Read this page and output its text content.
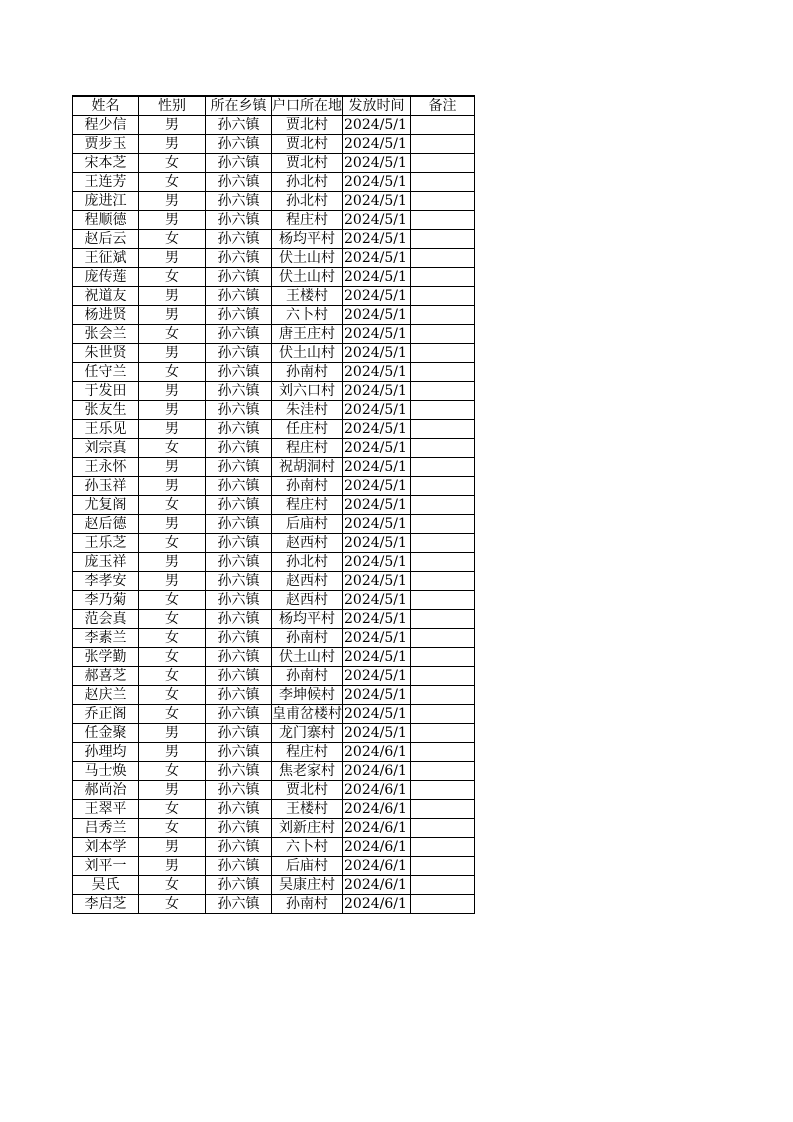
姓名	性别	所在乡镇	户口所在地	发放时间	备注
程少信	男	孙六镇	贾北村	2024/5/1	
贾步玉	男	孙六镇	贾北村	2024/5/1	
宋本芝	女	孙六镇	贾北村	2024/5/1	
王连芳	女	孙六镇	孙北村	2024/5/1	
庞进江	男	孙六镇	孙北村	2024/5/1	
程顺德	男	孙六镇	程庄村	2024/5/1	
赵后云	女	孙六镇	杨均平村	2024/5/1	
王征斌	男	孙六镇	伏土山村	2024/5/1	
庞传莲	女	孙六镇	伏土山村	2024/5/1	
祝道友	男	孙六镇	王楼村	2024/5/1	
杨进贤	男	孙六镇	六卜村	2024/5/1	
张会兰	女	孙六镇	唐王庄村	2024/5/1	
朱世贤	男	孙六镇	伏土山村	2024/5/1	
任守兰	女	孙六镇	孙南村	2024/5/1	
于发田	男	孙六镇	刘六口村	2024/5/1	
张友生	男	孙六镇	朱洼村	2024/5/1	
王乐见	男	孙六镇	任庄村	2024/5/1	
刘宗真	女	孙六镇	程庄村	2024/5/1	
王永怀	男	孙六镇	祝胡洞村	2024/5/1	
孙玉祥	男	孙六镇	孙南村	2024/5/1	
尤复阁	女	孙六镇	程庄村	2024/5/1	
赵后德	男	孙六镇	后庙村	2024/5/1	
王乐芝	女	孙六镇	赵西村	2024/5/1	
庞玉祥	男	孙六镇	孙北村	2024/5/1	
李孝安	男	孙六镇	赵西村	2024/5/1	
李乃菊	女	孙六镇	赵西村	2024/5/1	
范会真	女	孙六镇	杨均平村	2024/5/1	
李素兰	女	孙六镇	孙南村	2024/5/1	
张学勤	女	孙六镇	伏土山村	2024/5/1	
郝喜芝	女	孙六镇	孙南村	2024/5/1	
赵庆兰	女	孙六镇	李坤候村	2024/5/1	
乔正阁	女	孙六镇	皇甫岔楼村	2024/5/1	
任金聚	男	孙六镇	龙门寨村	2024/5/1	
孙理均	男	孙六镇	程庄村	2024/6/1	
马士焕	女	孙六镇	焦老家村	2024/6/1	
郝尚治	男	孙六镇	贾北村	2024/6/1	
王翠平	女	孙六镇	王楼村	2024/6/1	
吕秀兰	女	孙六镇	刘新庄村	2024/6/1	
刘本学	男	孙六镇	六卜村	2024/6/1	
刘平一	男	孙六镇	后庙村	2024/6/1	
吴氏	女	孙六镇	吴康庄村	2024/6/1	
李启芝	女	孙六镇	孙南村	2024/6/1	
